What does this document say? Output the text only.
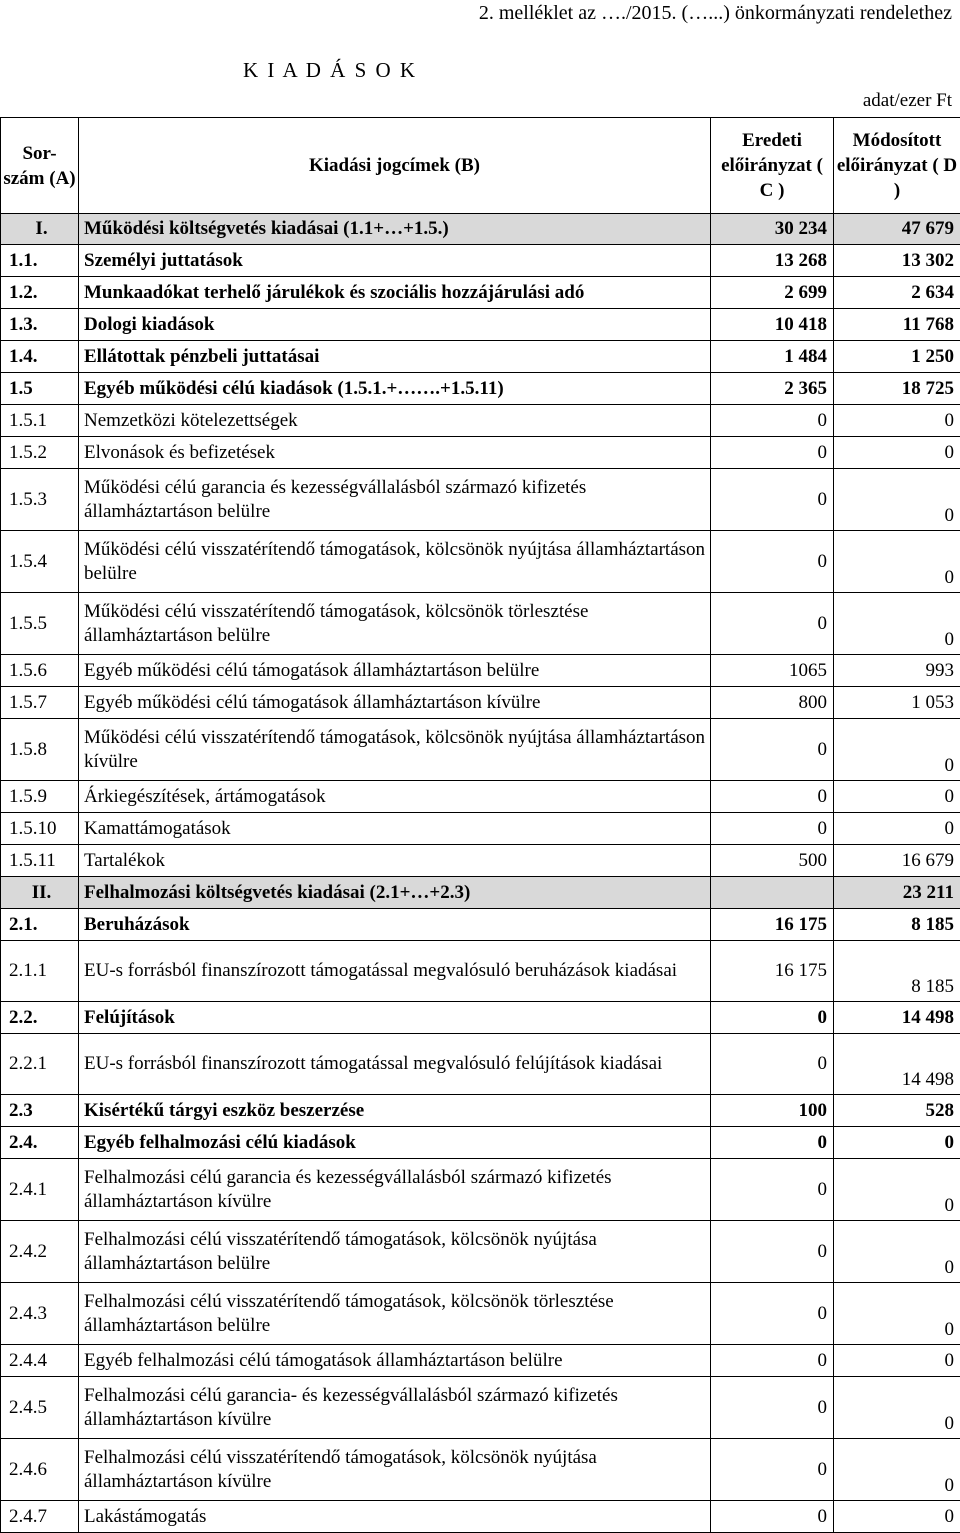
2. melléklet az …./2015. (…...) önkormányzati rendelethez
K I A D Á S O K
adat/ezer Ft
Sor-szám (A)	Kiadási jogcímek (B)	Eredeti előirányzat ( C )	Módosított előirányzat ( D )
I.	Működési költségvetés kiadásai (1.1+…+1.5.)	30 234	47 679
1.1.	Személyi juttatások	13 268	13 302
1.2.	Munkaadókat terhelő járulékok és szociális hozzájárulási adó	2 699	2 634
1.3.	Dologi kiadások	10 418	11 768
1.4.	Ellátottak pénzbeli juttatásai	1 484	1 250
1.5	Egyéb működési célú kiadások (1.5.1.+…….+1.5.11)	2 365	18 725
1.5.1	Nemzetközi kötelezettségek	0	0
1.5.2	Elvonások és befizetések	0	0
1.5.3	Működési célú garancia és kezességvállalásból származó kifizetés államháztartáson belülre	0	0
1.5.4	Működési célú visszatérítendő támogatások, kölcsönök nyújtása államháztartáson belülre	0	0
1.5.5	Működési célú visszatérítendő támogatások, kölcsönök törlesztése államháztartáson belülre	0	0
1.5.6	Egyéb működési célú támogatások államháztartáson belülre	1065	993
1.5.7	Egyéb működési célú támogatások államháztartáson kívülre	800	1 053
1.5.8	Működési célú visszatérítendő támogatások, kölcsönök nyújtása államháztartáson kívülre	0	0
1.5.9	Árkiegészítések, ártámogatások	0	0
1.5.10	Kamattámogatások	0	0
1.5.11	Tartalékok	500	16 679
II.	Felhalmozási költségvetés kiadásai (2.1+…+2.3)		23 211
2.1.	Beruházások	16 175	8 185
2.1.1	EU-s forrásból finanszírozott támogatással megvalósuló beruházások kiadásai	16 175	8 185
2.2.	Felújítások	0	14 498
2.2.1	EU-s forrásból finanszírozott támogatással megvalósuló felújítások kiadásai	0	14 498
2.3	Kisértékű tárgyi eszköz beszerzése	100	528
2.4.	Egyéb felhalmozási célú kiadások	0	0
2.4.1	Felhalmozási célú garancia és kezességvállalásból származó kifizetés államháztartáson kívülre	0	0
2.4.2	Felhalmozási célú visszatérítendő támogatások, kölcsönök nyújtása államháztartáson belülre	0	0
2.4.3	Felhalmozási célú visszatérítendő támogatások, kölcsönök törlesztése államháztartáson belülre	0	0
2.4.4	Egyéb felhalmozási célú támogatások államháztartáson belülre	0	0
2.4.5	Felhalmozási célú garancia- és kezességvállalásból származó kifizetés államháztartáson kívülre	0	0
2.4.6	Felhalmozási célú visszatérítendő támogatások, kölcsönök nyújtása államháztartáson kívülre	0	0
2.4.7	Lakástámogatás	0	0
